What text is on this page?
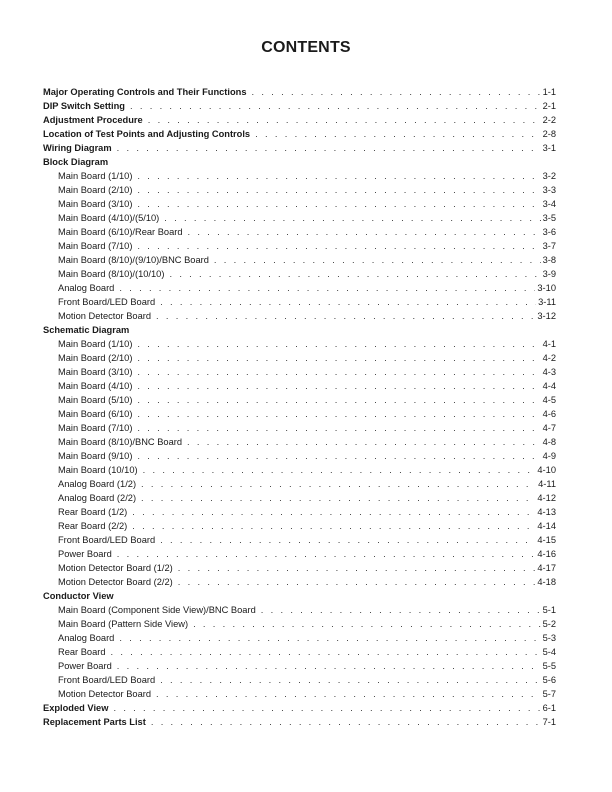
CONTENTS
Major Operating Controls and Their Functions . . .	1-1
DIP Switch Setting . . .	2-1
Adjustment Procedure . . .	2-2
Location of Test Points and Adjusting Controls . . .	2-8
Wiring Diagram . . .	3-1
Block Diagram
Main Board (1/10) . . .	3-2
Main Board (2/10) . . .	3-3
Main Board (3/10) . . .	3-4
Main Board (4/10)/(5/10) . . .	3-5
Main Board (6/10)/Rear Board . . .	3-6
Main Board (7/10) . . .	3-7
Main Board (8/10)/(9/10)/BNC Board . . .	3-8
Main Board (8/10)/(10/10) . . .	3-9
Analog Board . . .	3-10
Front Board/LED Board . . .	3-11
Motion Detector Board . . .	3-12
Schematic Diagram
Main Board (1/10) . . .	4-1
Main Board (2/10) . . .	4-2
Main Board (3/10) . . .	4-3
Main Board (4/10) . . .	4-4
Main Board (5/10) . . .	4-5
Main Board (6/10) . . .	4-6
Main Board (7/10) . . .	4-7
Main Board (8/10)/BNC Board . . .	4-8
Main Board (9/10) . . .	4-9
Main Board (10/10) . . .	4-10
Analog Board (1/2) . . .	4-11
Analog Board (2/2) . . .	4-12
Rear Board (1/2) . . .	4-13
Rear Board (2/2) . . .	4-14
Front Board/LED Board . . .	4-15
Power Board . . .	4-16
Motion Detector Board (1/2) . . .	4-17
Motion Detector Board (2/2) . . .	4-18
Conductor View
Main Board (Component Side View)/BNC Board . . .	5-1
Main Board (Pattern Side View) . . .	5-2
Analog Board . . .	5-3
Rear Board . . .	5-4
Power Board . . .	5-5
Front Board/LED Board . . .	5-6
Motion Detector Board . . .	5-7
Exploded View . . .	6-1
Replacement Parts List . . .	7-1
